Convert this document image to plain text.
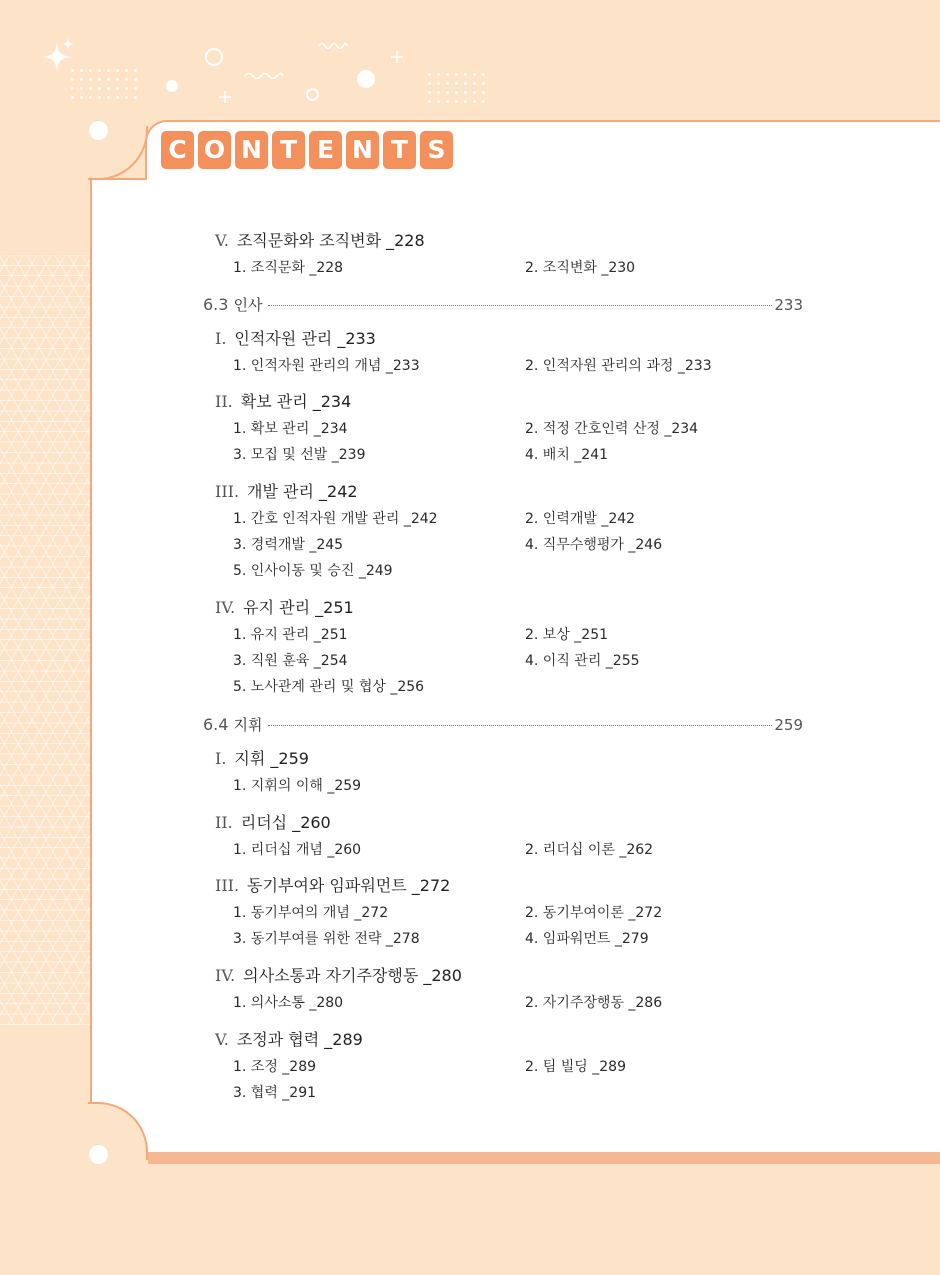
C O N T E N T S
V. 조직문화와 조직변화 _228
1. 조직문화 _228	2. 조직변화 _230
6.3 인사	233
I. 인적자원 관리 _233
1. 인적자원 관리의 개념 _233	2. 인적자원 관리의 과정 _233
II. 확보 관리 _234
1. 확보 관리 _234	2. 적정 간호인력 산정 _234
3. 모집 및 선발 _239	4. 배치 _241
III. 개발 관리 _242
1. 간호 인적자원 개발 관리 _242	2. 인력개발 _242
3. 경력개발 _245	4. 직무수행평가 _246
5. 인사이동 및 승진 _249
IV. 유지 관리 _251
1. 유지 관리 _251	2. 보상 _251
3. 직원 훈육 _254	4. 이직 관리 _255
5. 노사관계 관리 및 협상 _256
6.4 지휘	259
I. 지휘 _259
1. 지휘의 이해 _259
II. 리더십 _260
1. 리더십 개념 _260	2. 리더십 이론 _262
III. 동기부여와 임파워먼트 _272
1. 동기부여의 개념 _272	2. 동기부여이론 _272
3. 동기부여를 위한 전략 _278	4. 임파워먼트 _279
IV. 의사소통과 자기주장행동 _280
1. 의사소통 _280	2. 자기주장행동 _286
V. 조정과 협력 _289
1. 조정 _289	2. 팀 빌딩 _289
3. 협력 _291
